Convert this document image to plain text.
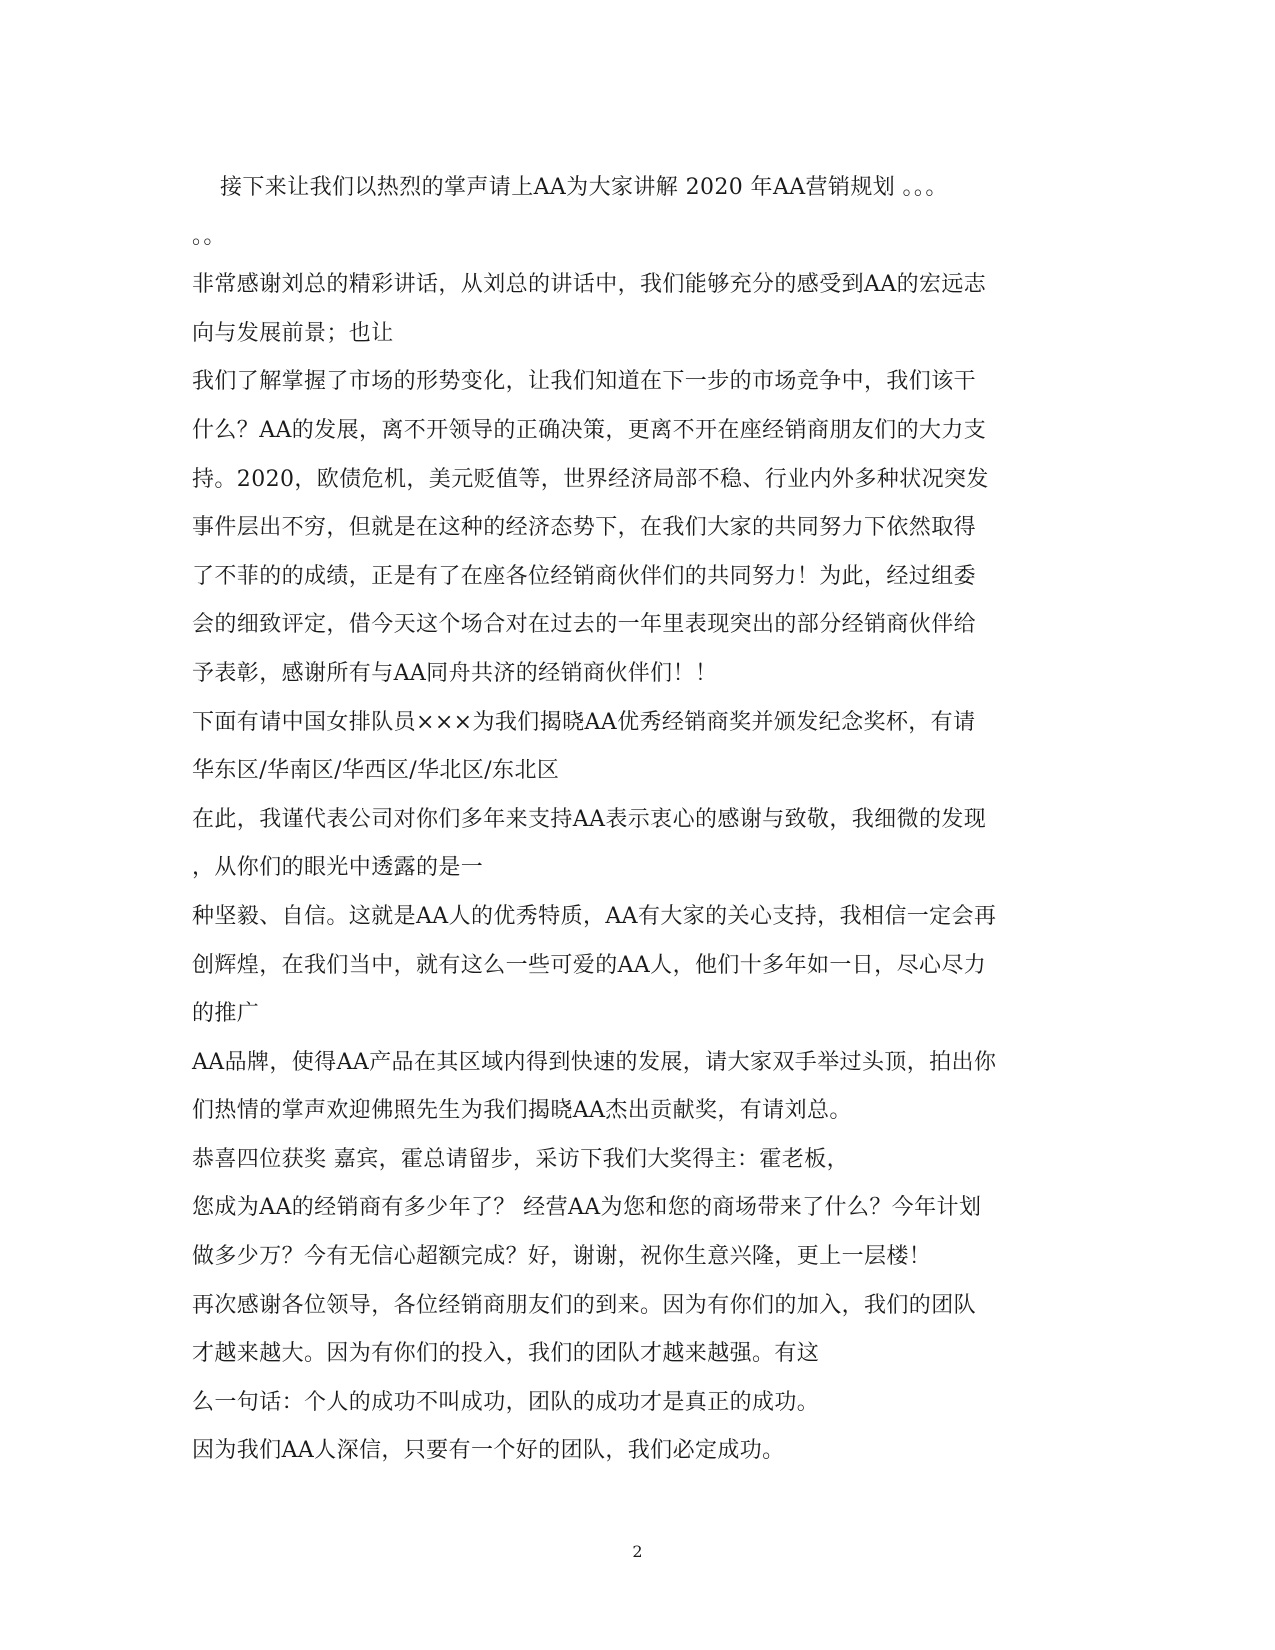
接下来让我们以热烈的掌声请上AA为大家讲解 2020 年AA营销规划 。。。
。。
非常感谢刘总的精彩讲话，从刘总的讲话中，我们能够充分的感受到AA的宏远志
向与发展前景；也让
我们了解掌握了市场的形势变化，让我们知道在下一步的市场竞争中，我们该干
什么？AA的发展，离不开领导的正确决策，更离不开在座经销商朋友们的大力支
持。2020，欧债危机，美元贬值等，世界经济局部不稳、行业内外多种状况突发
事件层出不穷，但就是在这种的经济态势下，在我们大家的共同努力下依然取得
了不菲的的成绩，正是有了在座各位经销商伙伴们的共同努力！为此，经过组委
会的细致评定，借今天这个场合对在过去的一年里表现突出的部分经销商伙伴给
予表彰，感谢所有与AA同舟共济的经销商伙伴们！！
下面有请中国女排队员×××为我们揭晓AA优秀经销商奖并颁发纪念奖杯，有请
华东区/华南区/华西区/华北区/东北区
在此，我谨代表公司对你们多年来支持AA表示衷心的感谢与致敬，我细微的发现
，从你们的眼光中透露的是一
种坚毅、自信。这就是AA人的优秀特质，AA有大家的关心支持，我相信一定会再
创辉煌，在我们当中，就有这么一些可爱的AA人，他们十多年如一日，尽心尽力
的推广
AA品牌，使得AA产品在其区域内得到快速的发展，请大家双手举过头顶，拍出你
们热情的掌声欢迎佛照先生为我们揭晓AA杰出贡献奖，有请刘总。
恭喜四位获奖 嘉宾，霍总请留步，采访下我们大奖得主：霍老板，
您成为AA的经销商有多少年了？ 经营AA为您和您的商场带来了什么？今年计划
做多少万？今有无信心超额完成？好，谢谢，祝你生意兴隆，更上一层楼！
再次感谢各位领导，各位经销商朋友们的到来。因为有你们的加入，我们的团队
才越来越大。因为有你们的投入，我们的团队才越来越强。有这
么一句话：个人的成功不叫成功，团队的成功才是真正的成功。
因为我们AA人深信，只要有一个好的团队，我们必定成功。
2
